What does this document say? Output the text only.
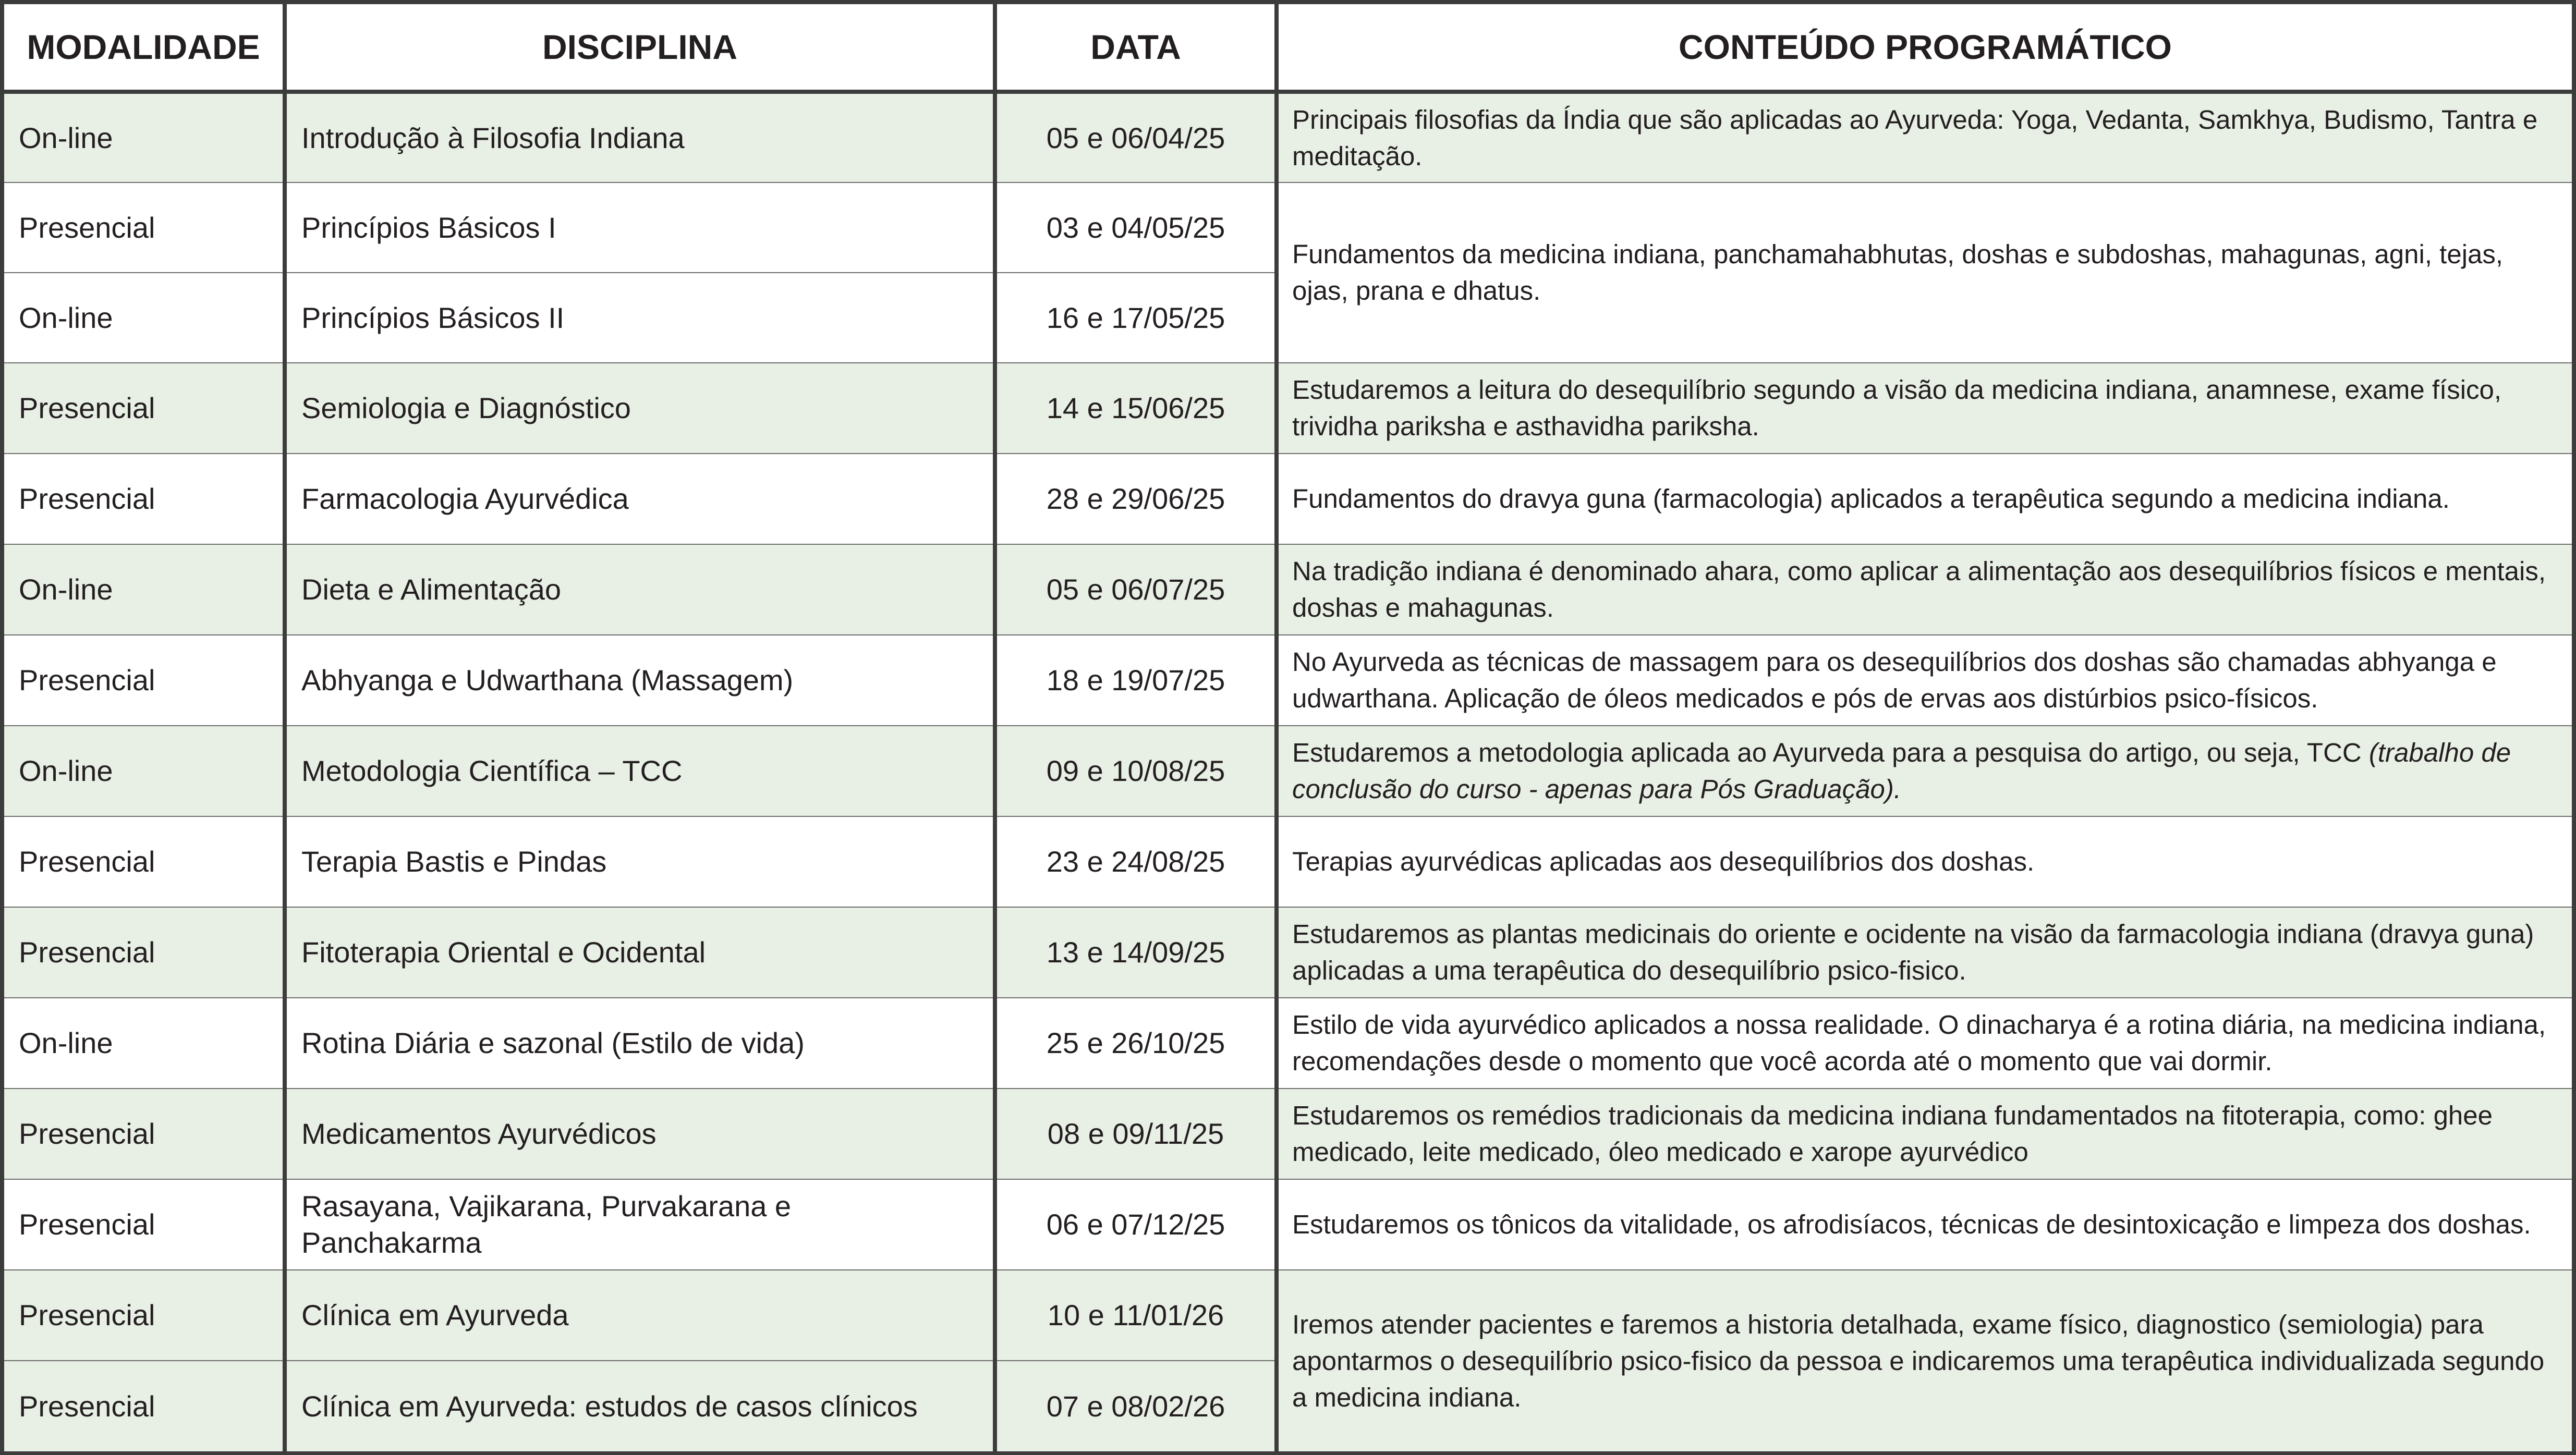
MODALIDADE	DISCIPLINA	DATA	CONTEÚDO PROGRAMÁTICO
On-line	Introdução à Filosofia Indiana	05 e 06/04/25	Principais filosofias da Índia que são aplicadas ao Ayurveda: Yoga, Vedanta, Samkhya, Budismo, Tantra e meditação.
Presencial	Princípios Básicos I	03 e 04/05/25	Fundamentos da medicina indiana, panchamahabhutas, doshas e subdoshas, mahagunas, agni, tejas, ojas, prana e dhatus.
On-line	Princípios Básicos II	16 e 17/05/25	
Presencial	Semiologia e Diagnóstico	14 e 15/06/25	Estudaremos a leitura do desequilíbrio segundo a visão da medicina indiana, anamnese, exame físico, trividha pariksha e asthavidha pariksha.
Presencial	Farmacologia Ayurvédica	28 e 29/06/25	Fundamentos do dravya guna (farmacologia) aplicados a terapêutica segundo a medicina indiana.
On-line	Dieta e Alimentação	05 e 06/07/25	Na tradição indiana é denominado ahara, como aplicar a alimentação aos desequilíbrios físicos e mentais, doshas e mahagunas.
Presencial	Abhyanga e Udwarthana (Massagem)	18 e 19/07/25	No Ayurveda as técnicas de massagem para os desequilíbrios dos doshas são chamadas abhyanga e udwarthana. Aplicação de óleos medicados e pós de ervas aos distúrbios psico-físicos.
On-line	Metodologia Científica – TCC	09 e 10/08/25	Estudaremos a metodologia aplicada ao Ayurveda para a pesquisa do artigo, ou seja, TCC (trabalho de conclusão do curso - apenas para Pós Graduação).
Presencial	Terapia Bastis e Pindas	23 e 24/08/25	Terapias ayurvédicas aplicadas aos desequilíbrios dos doshas.
Presencial	Fitoterapia Oriental e Ocidental	13 e 14/09/25	Estudaremos as plantas medicinais do oriente e ocidente na visão da farmacologia indiana (dravya guna) aplicadas a uma terapêutica do desequilíbrio psico-fisico.
On-line	Rotina Diária e sazonal (Estilo de vida)	25 e 26/10/25	Estilo de vida ayurvédico aplicados a nossa realidade. O dinacharya é a rotina diária, na medicina indiana, recomendações desde o momento que você acorda até o momento que vai dormir.
Presencial	Medicamentos Ayurvédicos	08 e 09/11/25	Estudaremos os remédios tradicionais da medicina indiana fundamentados na fitoterapia, como: ghee medicado, leite medicado, óleo medicado e xarope ayurvédico
Presencial	Rasayana, Vajikarana, Purvakarana e Panchakarma	06 e 07/12/25	Estudaremos os tônicos da vitalidade, os afrodisíacos, técnicas de desintoxicação e limpeza dos doshas.
Presencial	Clínica em Ayurveda	10 e 11/01/26	Iremos atender pacientes e faremos a historia detalhada, exame físico, diagnostico (semiologia) para apontarmos o desequilíbrio psico-fisico da pessoa e indicaremos uma terapêutica individualizada segundo a medicina indiana.
Presencial	Clínica em Ayurveda: estudos de casos clínicos	07 e 08/02/26	
